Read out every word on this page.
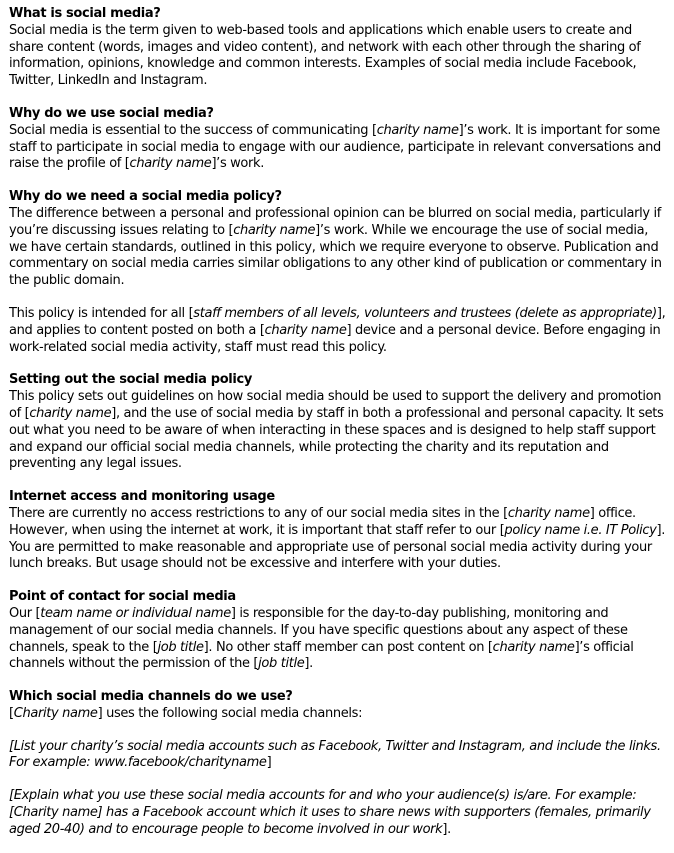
What is social media?

Social media is the term given to web-based tools and applications which enable users to create and share content (words, images and video content), and network with each other through the sharing of information, opinions, knowledge and common interests. Examples of social media include Facebook, Twitter, LinkedIn and Instagram.

Why do we use social media?

Social media is essential to the success of communicating [charity name]’s work. It is important for some staff to participate in social media to engage with our audience, participate in relevant conversations and raise the profile of [charity name]’s work.

Why do we need a social media policy?

The difference between a personal and professional opinion can be blurred on social media, particularly if you’re discussing issues relating to [charity name]’s work. While we encourage the use of social media, we have certain standards, outlined in this policy, which we require everyone to observe. Publication and commentary on social media carries similar obligations to any other kind of publication or commentary in the public domain.

This policy is intended for all [staff members of all levels, volunteers and trustees (delete as appropriate)], and applies to content posted on both a [charity name] device and a personal device. Before engaging in work-related social media activity, staff must read this policy.

Setting out the social media policy

This policy sets out guidelines on how social media should be used to support the delivery and promotion of [charity name], and the use of social media by staff in both a professional and personal capacity. It sets out what you need to be aware of when interacting in these spaces and is designed to help staff support and expand our official social media channels, while protecting the charity and its reputation and preventing any legal issues.

Internet access and monitoring usage

There are currently no access restrictions to any of our social media sites in the [charity name] office. However, when using the internet at work, it is important that staff refer to our [policy name i.e. IT Policy]. You are permitted to make reasonable and appropriate use of personal social media activity during your lunch breaks. But usage should not be excessive and interfere with your duties.

Point of contact for social media

Our [team name or individual name] is responsible for the day-to-day publishing, monitoring and management of our social media channels. If you have specific questions about any aspect of these channels, speak to the [job title]. No other staff member can post content on [charity name]’s official channels without the permission of the [job title].

Which social media channels do we use?

[Charity name] uses the following social media channels:

[List your charity’s social media accounts such as Facebook, Twitter and Instagram, and include the links. For example: www.facebook/charityname]

[Explain what you use these social media accounts for and who your audience(s) is/are. For example: [Charity name] has a Facebook account which it uses to share news with supporters (females, primarily aged 20-40) and to encourage people to become involved in our work].
